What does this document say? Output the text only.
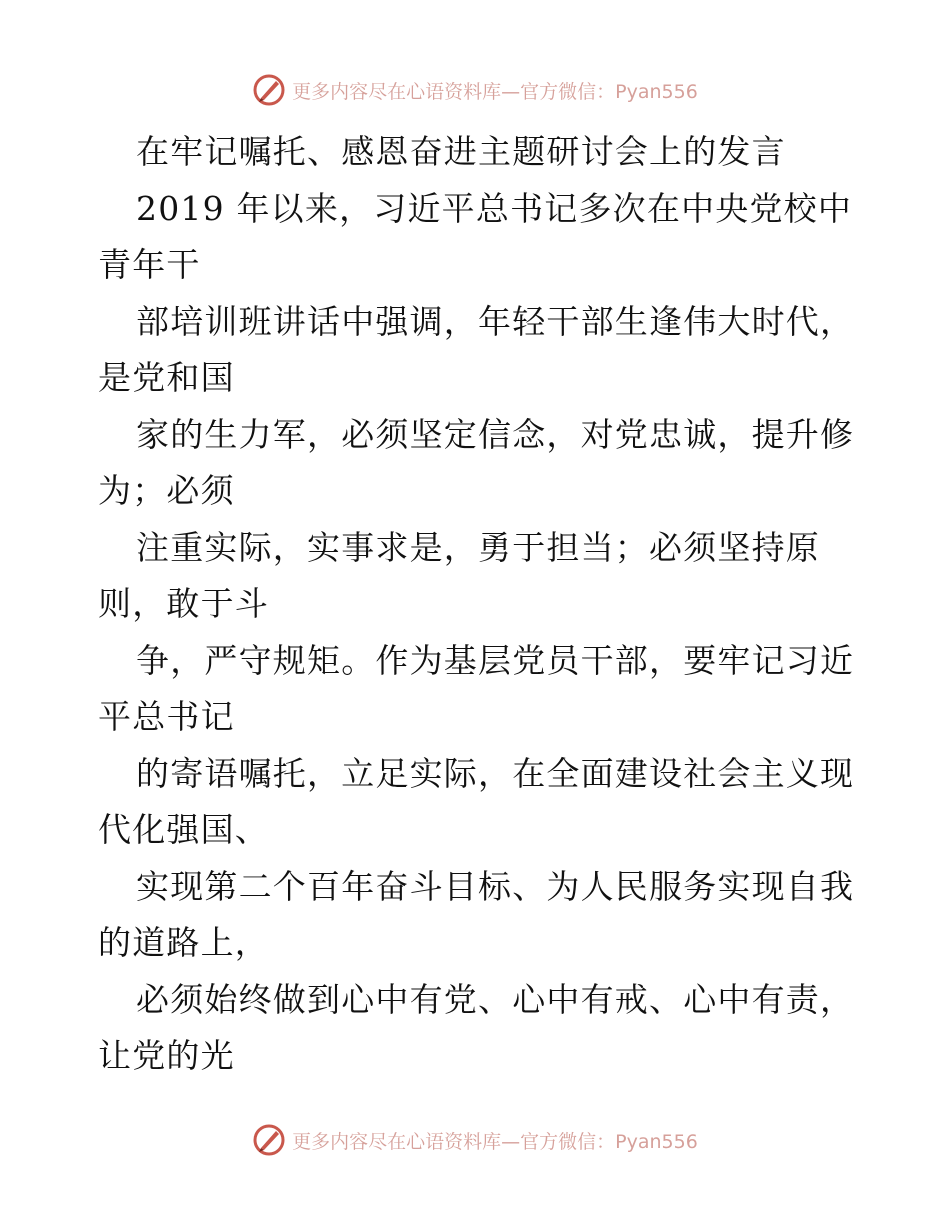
更多内容尽在心语资料库—官方微信：Pyan556
在牢记嘱托、感恩奋进主题研讨会上的发言
2019 年以来，习近平总书记多次在中央党校中
青年干
部培训班讲话中强调，年轻干部生逢伟大时代，
是党和国
家的生力军，必须坚定信念，对党忠诚，提升修
为；必须
注重实际，实事求是，勇于担当；必须坚持原
则，敢于斗
争，严守规矩。作为基层党员干部，要牢记习近
平总书记
的寄语嘱托，立足实际，在全面建设社会主义现
代化强国、
实现第二个百年奋斗目标、为人民服务实现自我
的道路上，
必须始终做到心中有党、心中有戒、心中有责，
让党的光
更多内容尽在心语资料库—官方微信：Pyan556
